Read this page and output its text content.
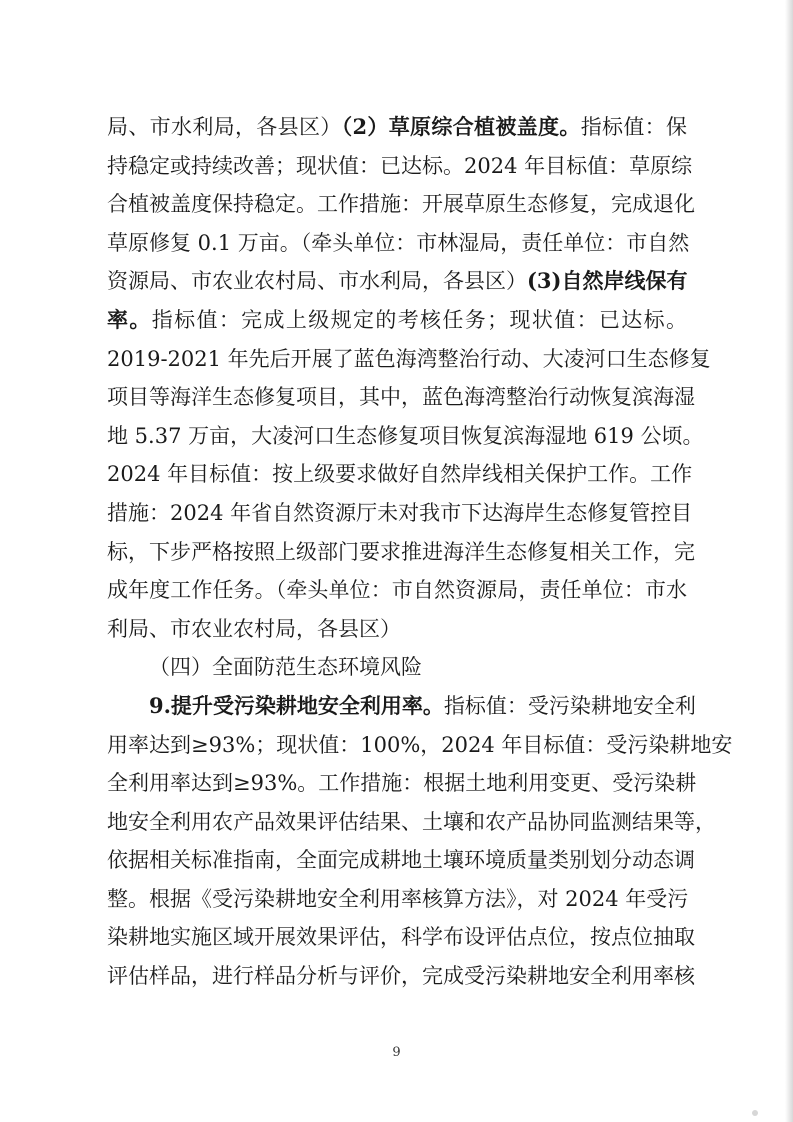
局、市水利局，各县区）（2）草原综合植被盖度。指标值：保
持稳定或持续改善；现状值：已达标。2024 年目标值：草原综
合植被盖度保持稳定。工作措施：开展草原生态修复，完成退化
草原修复 0.1 万亩。（牵头单位：市林湿局，责任单位：市自然
资源局、市农业农村局、市水利局，各县区）(3)自然岸线保有
率。指标值：完成上级规定的考核任务；现状值：已达标。
2019-2021 年先后开展了蓝色海湾整治行动、大凌河口生态修复
项目等海洋生态修复项目，其中，蓝色海湾整治行动恢复滨海湿
地 5.37 万亩，大凌河口生态修复项目恢复滨海湿地 619 公顷。
2024 年目标值：按上级要求做好自然岸线相关保护工作。工作
措施：2024 年省自然资源厅未对我市下达海岸生态修复管控目
标，下步严格按照上级部门要求推进海洋生态修复相关工作，完
成年度工作任务。（牵头单位：市自然资源局，责任单位：市水
利局、市农业农村局，各县区）

（四）全面防范生态环境风险

9.提升受污染耕地安全利用率。指标值：受污染耕地安全利
用率达到≥93%；现状值：100%，2024 年目标值：受污染耕地安
全利用率达到≥93%。工作措施：根据土地利用变更、受污染耕
地安全利用农产品效果评估结果、土壤和农产品协同监测结果等，
依据相关标准指南，全面完成耕地土壤环境质量类别划分动态调
整。根据《受污染耕地安全利用率核算方法》，对 2024 年受污
染耕地实施区域开展效果评估，科学布设评估点位，按点位抽取
评估样品，进行样品分析与评价，完成受污染耕地安全利用率核

9
